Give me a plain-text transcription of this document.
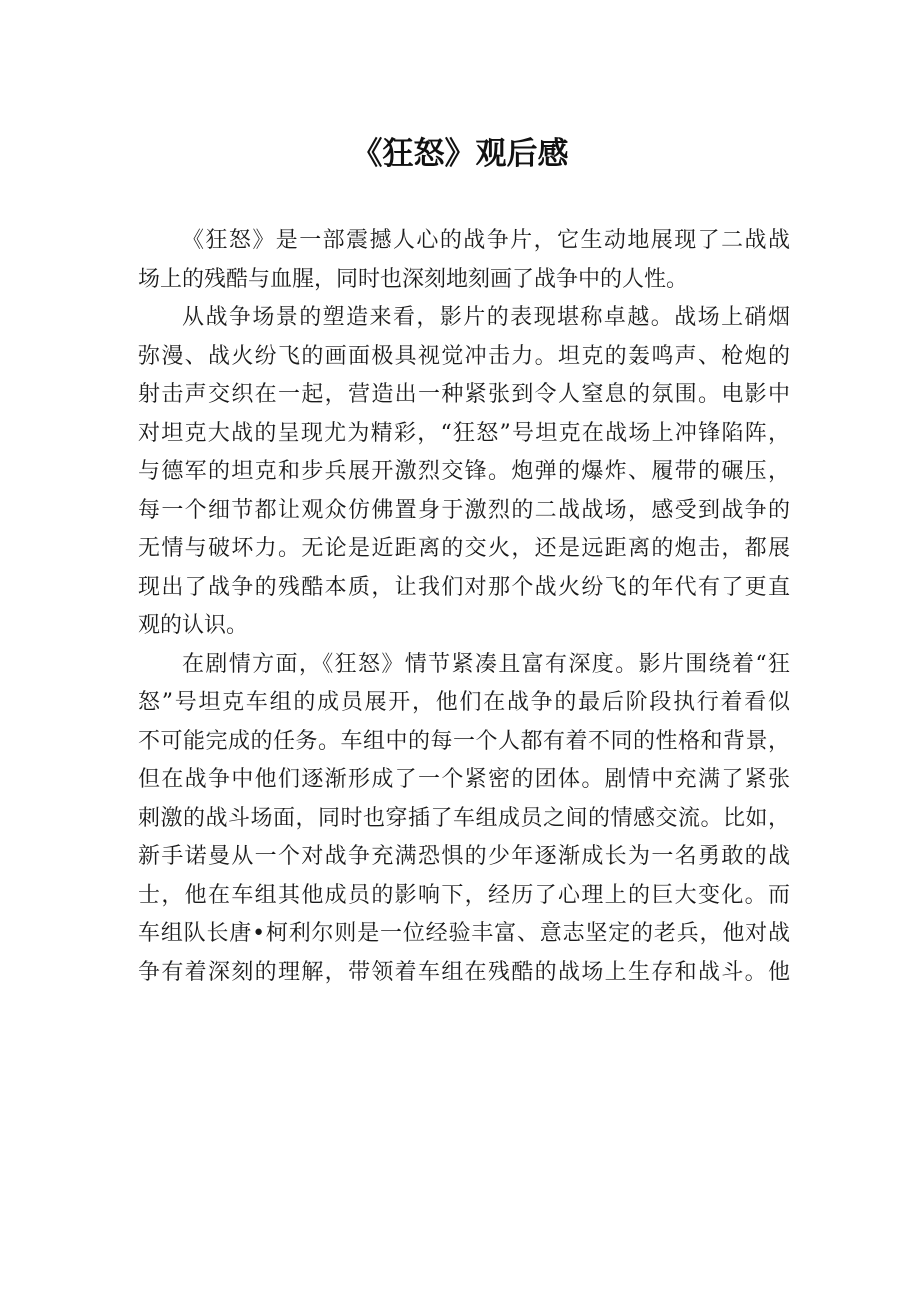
《狂怒》观后感
《狂怒》是一部震撼人心的战争片，它生动地展现了二战战
场上的残酷与血腥，同时也深刻地刻画了战争中的人性。
从战争场景的塑造来看，影片的表现堪称卓越。战场上硝烟
弥漫、战火纷飞的画面极具视觉冲击力。坦克的轰鸣声、枪炮的
射击声交织在一起，营造出一种紧张到令人窒息的氛围。电影中
对坦克大战的呈现尤为精彩，“狂怒”号坦克在战场上冲锋陷阵，
与德军的坦克和步兵展开激烈交锋。炮弹的爆炸、履带的碾压，
每一个细节都让观众仿佛置身于激烈的二战战场，感受到战争的
无情与破坏力。无论是近距离的交火，还是远距离的炮击，都展
现出了战争的残酷本质，让我们对那个战火纷飞的年代有了更直
观的认识。
在剧情方面，《狂怒》情节紧凑且富有深度。影片围绕着“狂
怒”号坦克车组的成员展开，他们在战争的最后阶段执行着看似
不可能完成的任务。车组中的每一个人都有着不同的性格和背景，
但在战争中他们逐渐形成了一个紧密的团体。剧情中充满了紧张
刺激的战斗场面，同时也穿插了车组成员之间的情感交流。比如，
新手诺曼从一个对战争充满恐惧的少年逐渐成长为一名勇敢的战
士，他在车组其他成员的影响下，经历了心理上的巨大变化。而
车组队长唐•柯利尔则是一位经验丰富、意志坚定的老兵，他对战
争有着深刻的理解，带领着车组在残酷的战场上生存和战斗。他
